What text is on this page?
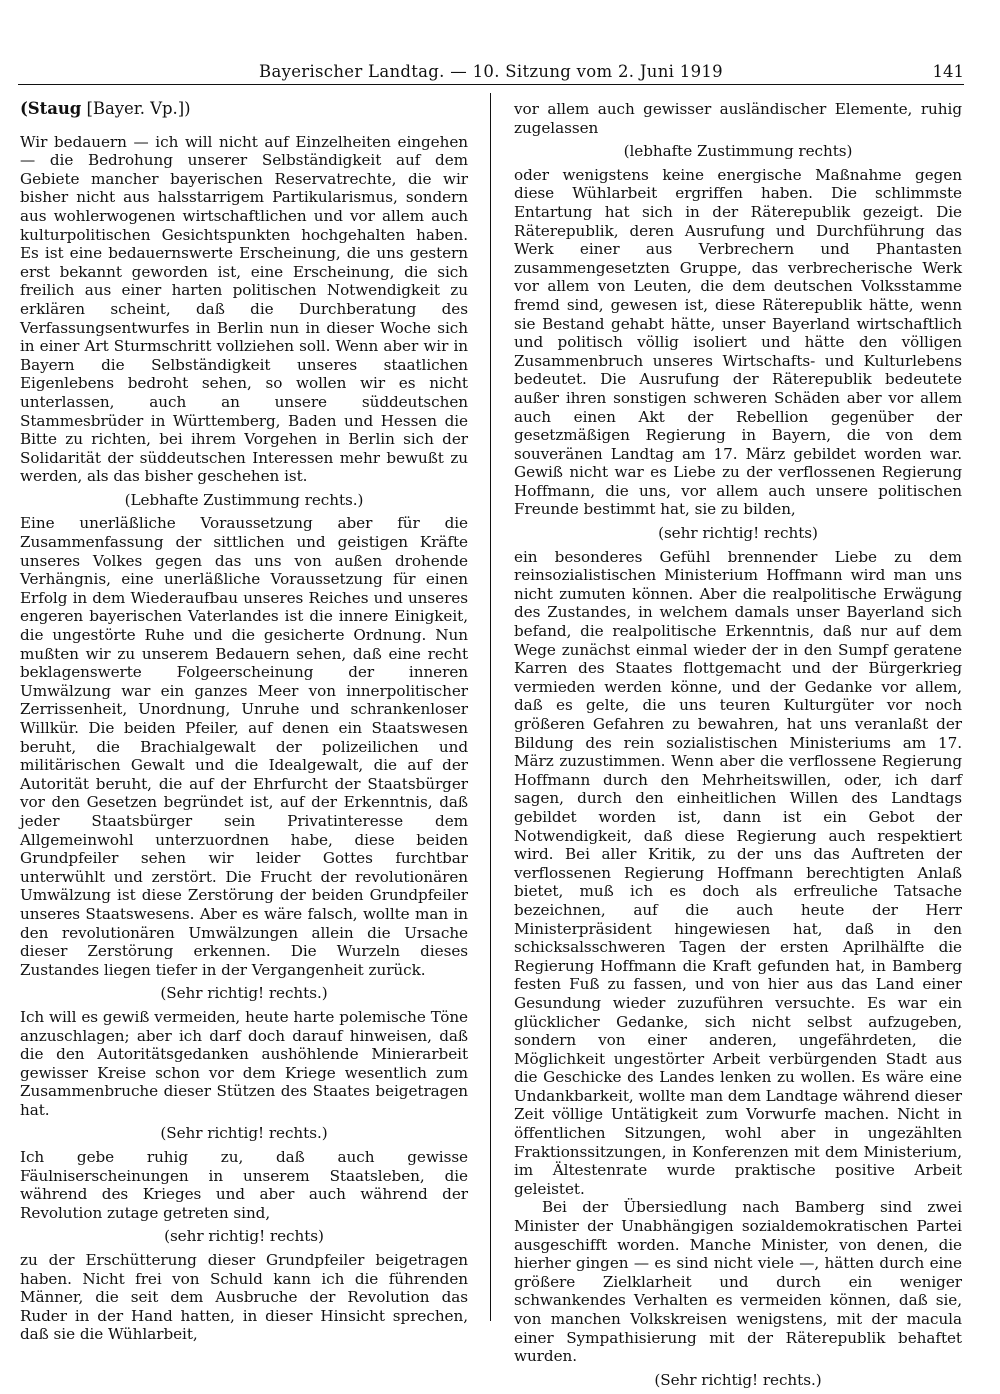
Bayerischer Landtag. — 10. Sitzung vom 2. Juni 1919	141

(Staug [Bayer. Vp.])

Wir bedauern — ich will nicht auf Einzelheiten eingehen — die Bedrohung unserer Selbständigkeit auf dem Gebiete mancher bayerischen Reservatrechte, die wir bisher nicht aus halsstarrigem Partikularismus, sondern aus wohlerwogenen wirtschaftlichen und vor allem auch kulturpolitischen Gesichtspunkten hochgehalten haben. Es ist eine bedauernswerte Erscheinung, die uns gestern erst bekannt geworden ist, eine Erscheinung, die sich freilich aus einer harten politischen Notwendigkeit zu erklären scheint, daß die Durchberatung des Verfassungsentwurfes in Berlin nun in dieser Woche sich in einer Art Sturmschritt vollziehen soll. Wenn aber wir in Bayern die Selbständigkeit unseres staatlichen Eigenlebens bedroht sehen, so wollen wir es nicht unterlassen, auch an unsere süddeutschen Stammesbrüder in Württemberg, Baden und Hessen die Bitte zu richten, bei ihrem Vorgehen in Berlin sich der Solidarität der süddeutschen Interessen mehr bewußt zu werden, als das bisher geschehen ist.

(Lebhafte Zustimmung rechts.)

Eine unerläßliche Voraussetzung aber für die Zusammenfassung der sittlichen und geistigen Kräfte unseres Volkes gegen das uns von außen drohende Verhängnis, eine unerläßliche Voraussetzung für einen Erfolg in dem Wiederaufbau unseres Reiches und unseres engeren bayerischen Vaterlandes ist die innere Einigkeit, die ungestörte Ruhe und die gesicherte Ordnung. Nun mußten wir zu unserem Bedauern sehen, daß eine recht beklagenswerte Folgeerscheinung der inneren Umwälzung war ein ganzes Meer von innerpolitischer Zerrissenheit, Unordnung, Unruhe und schrankenloser Willkür. Die beiden Pfeiler, auf denen ein Staatswesen beruht, die Brachialgewalt der polizeilichen und militärischen Gewalt und die Idealgewalt, die auf der Autorität beruht, die auf der Ehrfurcht der Staatsbürger vor den Gesetzen begründet ist, auf der Erkenntnis, daß jeder Staatsbürger sein Privatinteresse dem Allgemeinwohl unterzuordnen habe, diese beiden Grundpfeiler sehen wir leider Gottes furchtbar unterwühlt und zerstört. Die Frucht der revolutionären Umwälzung ist diese Zerstörung der beiden Grundpfeiler unseres Staatswesens. Aber es wäre falsch, wollte man in den revolutionären Umwälzungen allein die Ursache dieser Zerstörung erkennen. Die Wurzeln dieses Zustandes liegen tiefer in der Vergangenheit zurück.

(Sehr richtig! rechts.)

Ich will es gewiß vermeiden, heute harte polemische Töne anzuschlagen; aber ich darf doch darauf hinweisen, daß die den Autoritätsgedanken aushöhlende Minierarbeit gewisser Kreise schon vor dem Kriege wesentlich zum Zusammenbruche dieser Stützen des Staates beigetragen hat.

(Sehr richtig! rechts.)

Ich gebe ruhig zu, daß auch gewisse Fäulniserscheinungen in unserem Staatsleben, die während des Krieges und aber auch während der Revolution zutage getreten sind,

(sehr richtig! rechts)

zu der Erschütterung dieser Grundpfeiler beigetragen haben. Nicht frei von Schuld kann ich die führenden Männer, die seit dem Ausbruche der Revolution das Ruder in der Hand hatten, in dieser Hinsicht sprechen, daß sie die Wühlarbeit,

vor allem auch gewisser ausländischer Elemente, ruhig zugelassen

(lebhafte Zustimmung rechts)

oder wenigstens keine energische Maßnahme gegen diese Wühlarbeit ergriffen haben. Die schlimmste Entartung hat sich in der Räterepublik gezeigt. Die Räterepublik, deren Ausrufung und Durchführung das Werk einer aus Verbrechern und Phantasten zusammengesetzten Gruppe, das verbrecherische Werk vor allem von Leuten, die dem deutschen Volksstamme fremd sind, gewesen ist, diese Räterepublik hätte, wenn sie Bestand gehabt hätte, unser Bayerland wirtschaftlich und politisch völlig isoliert und hätte den völligen Zusammenbruch unseres Wirtschafts- und Kulturlebens bedeutet. Die Ausrufung der Räterepublik bedeutete außer ihren sonstigen schweren Schäden aber vor allem auch einen Akt der Rebellion gegenüber der gesetzmäßigen Regierung in Bayern, die von dem souveränen Landtag am 17. März gebildet worden war. Gewiß nicht war es Liebe zu der verflossenen Regierung Hoffmann, die uns, vor allem auch unsere politischen Freunde bestimmt hat, sie zu bilden,

(sehr richtig! rechts)

ein besonderes Gefühl brennender Liebe zu dem reinsozialistischen Ministerium Hoffmann wird man uns nicht zumuten können. Aber die realpolitische Erwägung des Zustandes, in welchem damals unser Bayerland sich befand, die realpolitische Erkenntnis, daß nur auf dem Wege zunächst einmal wieder der in den Sumpf geratene Karren des Staates flottgemacht und der Bürgerkrieg vermieden werden könne, und der Gedanke vor allem, daß es gelte, die uns teuren Kulturgüter vor noch größeren Gefahren zu bewahren, hat uns veranlaßt der Bildung des rein sozialistischen Ministeriums am 17. März zuzustimmen. Wenn aber die verflossene Regierung Hoffmann durch den Mehrheitswillen, oder, ich darf sagen, durch den einheitlichen Willen des Landtags gebildet worden ist, dann ist ein Gebot der Notwendigkeit, daß diese Regierung auch respektiert wird. Bei aller Kritik, zu der uns das Auftreten der verflossenen Regierung Hoffmann berechtigten Anlaß bietet, muß ich es doch als erfreuliche Tatsache bezeichnen, auf die auch heute der Herr Ministerpräsident hingewiesen hat, daß in den schicksalsschweren Tagen der ersten Aprilhälfte die Regierung Hoffmann die Kraft gefunden hat, in Bamberg festen Fuß zu fassen, und von hier aus das Land einer Gesundung wieder zuzuführen versuchte. Es war ein glücklicher Gedanke, sich nicht selbst aufzugeben, sondern von einer anderen, ungefährdeten, die Möglichkeit ungestörter Arbeit verbürgenden Stadt aus die Geschicke des Landes lenken zu wollen. Es wäre eine Undankbarkeit, wollte man dem Landtage während dieser Zeit völlige Untätigkeit zum Vorwurfe machen. Nicht in öffentlichen Sitzungen, wohl aber in ungezählten Fraktionssitzungen, in Konferenzen mit dem Ministerium, im Ältestenrate wurde praktische positive Arbeit geleistet.

Bei der Übersiedlung nach Bamberg sind zwei Minister der Unabhängigen sozialdemokratischen Partei ausgeschifft worden. Manche Minister, von denen, die hierher gingen — es sind nicht viele —, hätten durch eine größere Zielklarheit und durch ein weniger schwankendes Verhalten es vermeiden können, daß sie, von manchen Volkskreisen wenigstens, mit der macula einer Sympathisierung mit der Räterepublik behaftet wurden.

(Sehr richtig! rechts.)
